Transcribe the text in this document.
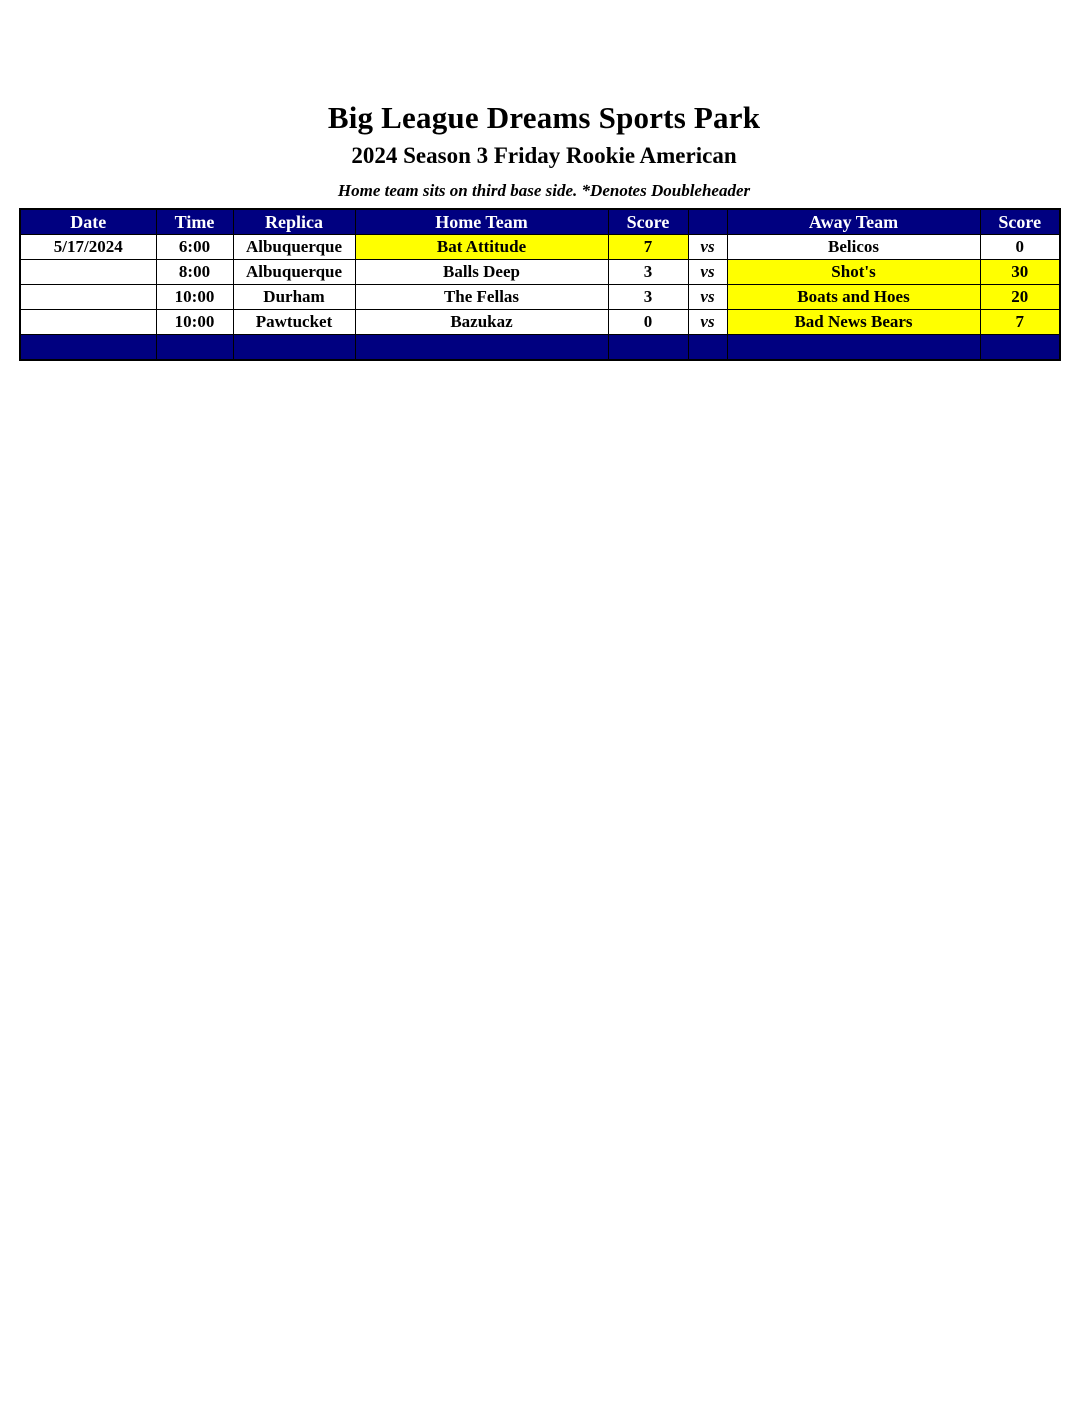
Big League Dreams Sports Park
2024 Season 3 Friday Rookie American
Home team sits on third base side. *Denotes Doubleheader
Date	Time	Replica	Home Team	Score		Away Team	Score
5/17/2024	6:00	Albuquerque	Bat Attitude	7	vs	Belicos	0
	8:00	Albuquerque	Balls Deep	3	vs	Shot's	30
	10:00	Durham	The Fellas	3	vs	Boats and Hoes	20
	10:00	Pawtucket	Bazukaz	0	vs	Bad News Bears	7
